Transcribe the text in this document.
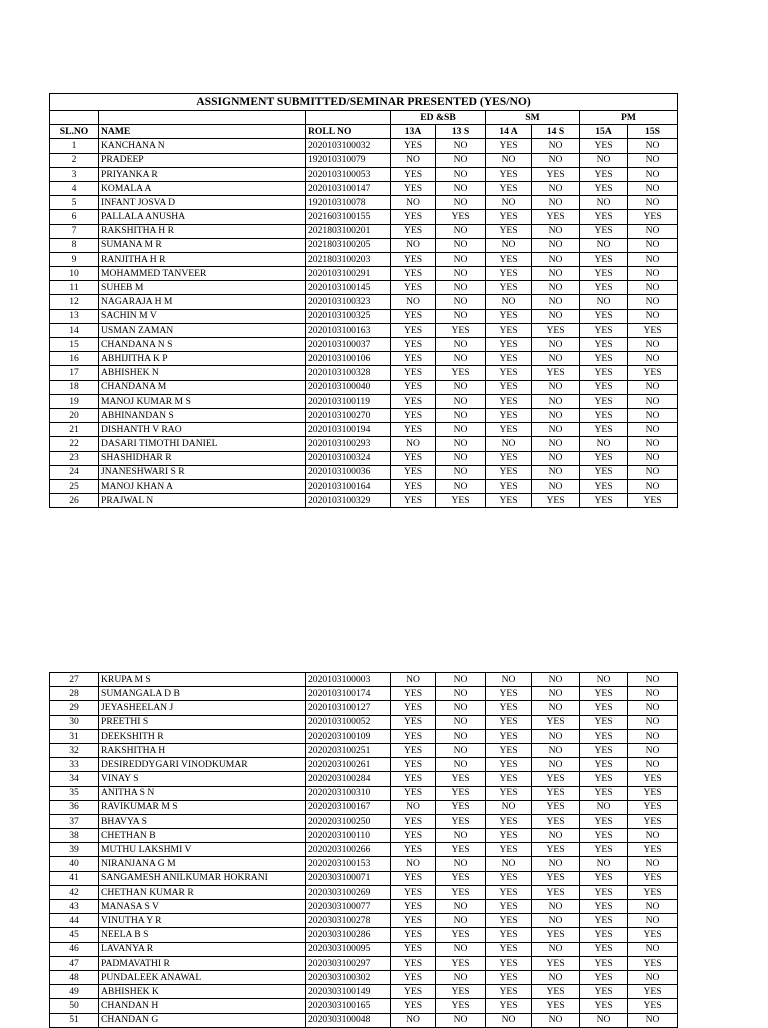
ASSIGNMENT SUBMITTED/SEMINAR PRESENTED (YES/NO)								
			ED &SB		SM		PM	
SL.NO	NAME	ROLL NO	13A	13 S	14 A	14 S	15A	15S
1	KANCHANA N	2020103100032	YES	NO	YES	NO	YES	NO
2	PRADEEP	192010310079	NO	NO	NO	NO	NO	NO
3	PRIYANKA R	2020103100053	YES	NO	YES	YES	YES	NO
4	KOMALA A	2020103100147	YES	NO	YES	NO	YES	NO
5	INFANT JOSVA D	192010310078	NO	NO	NO	NO	NO	NO
6	PALLALA ANUSHA	2021603100155	YES	YES	YES	YES	YES	YES
7	RAKSHITHA H R	2021803100201	YES	NO	YES	NO	YES	NO
8	SUMANA M R	2021803100205	NO	NO	NO	NO	NO	NO
9	RANJITHA H R	2021803100203	YES	NO	YES	NO	YES	NO
10	MOHAMMED TANVEER	2020103100291	YES	NO	YES	NO	YES	NO
11	SUHEB M	2020103100145	YES	NO	YES	NO	YES	NO
12	NAGARAJA H M	2020103100323	NO	NO	NO	NO	NO	NO
13	SACHIN M V	2020103100325	YES	NO	YES	NO	YES	NO
14	USMAN ZAMAN	2020103100163	YES	YES	YES	YES	YES	YES
15	CHANDANA N S	2020103100037	YES	NO	YES	NO	YES	NO
16	ABHIJITHA K P	2020103100106	YES	NO	YES	NO	YES	NO
17	ABHISHEK N	2020103100328	YES	YES	YES	YES	YES	YES
18	CHANDANA M	2020103100040	YES	NO	YES	NO	YES	NO
19	MANOJ KUMAR M S	2020103100119	YES	NO	YES	NO	YES	NO
20	ABHINANDAN S	2020103100270	YES	NO	YES	NO	YES	NO
21	DISHANTH V RAO	2020103100194	YES	NO	YES	NO	YES	NO
22	DASARI TIMOTHI DANIEL	2020103100293	NO	NO	NO	NO	NO	NO
23	SHASHIDHAR R	2020103100324	YES	NO	YES	NO	YES	NO
24	JNANESHWARI S R	2020103100036	YES	NO	YES	NO	YES	NO
25	MANOJ KHAN A	2020103100164	YES	NO	YES	NO	YES	NO
26	PRAJWAL N	2020103100329	YES	YES	YES	YES	YES	YES
27	KRUPA M S	2020103100003	NO	NO	NO	NO	NO	NO
28	SUMANGALA D B	2020103100174	YES	NO	YES	NO	YES	NO
29	JEYASHEELAN J	2020103100127	YES	NO	YES	NO	YES	NO
30	PREETHI S	2020103100052	YES	NO	YES	YES	YES	NO
31	DEEKSHITH R	2020203100109	YES	NO	YES	NO	YES	NO
32	RAKSHITHA H	2020203100251	YES	NO	YES	NO	YES	NO
33	DESIREDDYGARI VINODKUMAR	2020203100261	YES	NO	YES	NO	YES	NO
34	VINAY S	2020203100284	YES	YES	YES	YES	YES	YES
35	ANITHA S N	2020203100310	YES	YES	YES	YES	YES	YES
36	RAVIKUMAR M S	2020203100167	NO	YES	NO	YES	NO	YES
37	BHAVYA S	2020203100250	YES	YES	YES	YES	YES	YES
38	CHETHAN B	2020203100110	YES	NO	YES	NO	YES	NO
39	MUTHU LAKSHMI V	2020203100266	YES	YES	YES	YES	YES	YES
40	NIRANJANA G M	2020203100153	NO	NO	NO	NO	NO	NO
41	SANGAMESH ANILKUMAR HOKRANI	2020303100071	YES	YES	YES	YES	YES	YES
42	CHETHAN KUMAR R	2020303100269	YES	YES	YES	YES	YES	YES
43	MANASA S V	2020303100077	YES	NO	YES	NO	YES	NO
44	VINUTHA Y R	2020303100278	YES	NO	YES	NO	YES	NO
45	NEELA B S	2020303100286	YES	YES	YES	YES	YES	YES
46	LAVANYA R	2020303100095	YES	NO	YES	NO	YES	NO
47	PADMAVATHI R	2020303100297	YES	YES	YES	YES	YES	YES
48	PUNDALEEK ANAWAL	2020303100302	YES	NO	YES	NO	YES	NO
49	ABHISHEK K	2020303100149	YES	YES	YES	YES	YES	YES
50	CHANDAN H	2020303100165	YES	YES	YES	YES	YES	YES
51	CHANDAN G	2020303100048	NO	NO	NO	NO	NO	NO
